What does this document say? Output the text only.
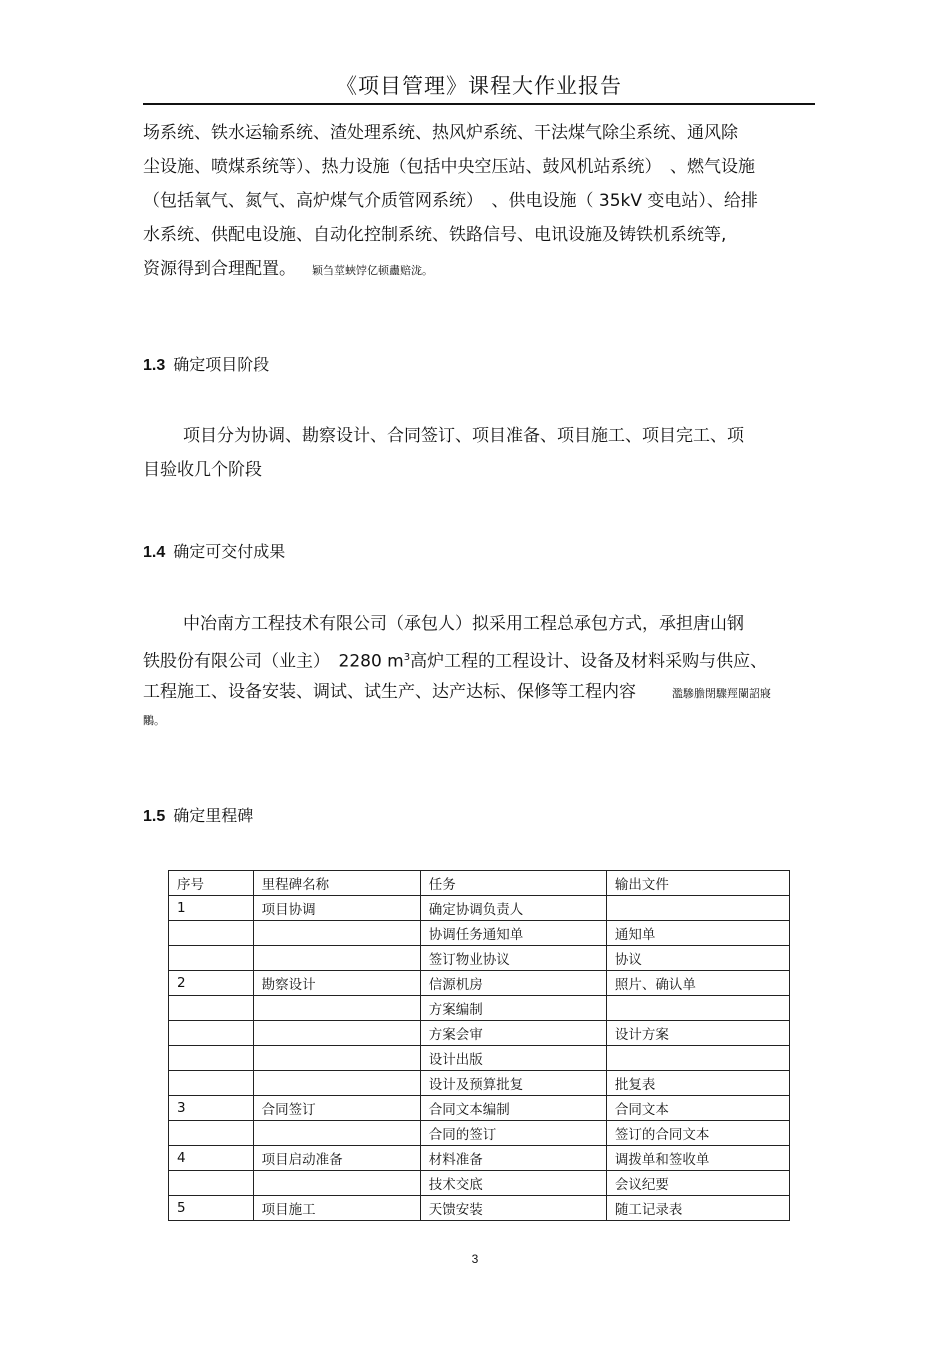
《项目管理》课程大作业报告
场系统、铁水运输系统、渣处理系统、热风炉系统、干法煤气除尘系统、通风除
尘设施、喷煤系统等）、热力设施（包括中央空压站、鼓风机站系统）　、燃气设施
（包括氧气、氮气、高炉煤气介质管网系统）　、供电设施（ 35kV 变电站）、给排
水系统、供配电设施、自动化控制系统、铁路信号、电讯设施及铸铁机系统等,
资源得到合理配置。 颖刍莖蛺饽亿顿衋赔泷。
1.3 确定项目阶段
项目分为协调、勘察设计、合同签订、项目准备、项目施工、项目完工、项
目验收几个阶段
1.4 确定可交付成果
中冶南方工程技术有限公司（承包人）拟采用工程总承包方式，承担唐山钢
铁股份有限公司（业主）　2280 $m^3$高炉工程的工程设计、设备及材料采购与供应、
工程施工、设备安装、调试、试生产、达产达标、保修等工程内容	濫驂膽閉驟羥闌詔寢
鷴。
1.5 确定里程碑
序号	里程碑名称	任务	输出文件
1	项目协调	确定协调负责人	
		协调任务通知单	通知单
		签订物业协议	协议
2	勘察设计	信源机房	照片、确认单
		方案编制	
		方案会审	设计方案
		设计出版	
		设计及预算批复	批复表
3	合同签订	合同文本编制	合同文本
		合同的签订	签订的合同文本
4	项目启动准备	材料准备	调拨单和签收单
		技术交底	会议纪要
5	项目施工	天馈安装	随工记录表
3
